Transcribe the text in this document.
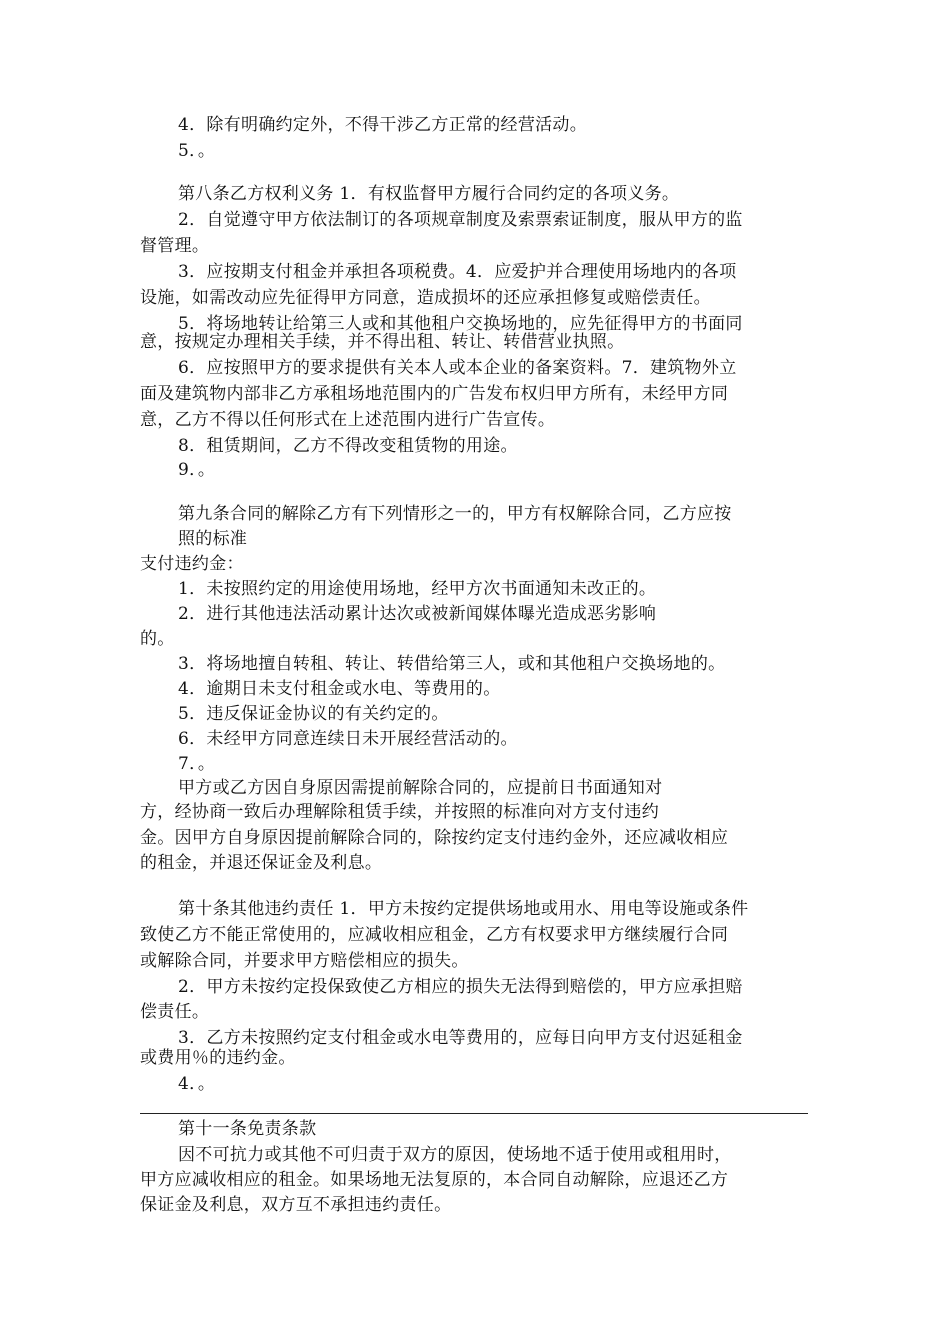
4．除有明确约定外，不得干涉乙方正常的经营活动。
5．。
第八条乙方权利义务 1．有权监督甲方履行合同约定的各项义务。
2．自觉遵守甲方依法制订的各项规章制度及索票索证制度，服从甲方的监
督管理。
3．应按期支付租金并承担各项税费。4．应爱护并合理使用场地内的各项
设施，如需改动应先征得甲方同意，造成损坏的还应承担修复或赔偿责任。
5．将场地转让给第三人或和其他租户交换场地的，应先征得甲方的书面同
意，按规定办理相关手续，并不得出租、转让、转借营业执照。
6．应按照甲方的要求提供有关本人或本企业的备案资料。7．建筑物外立
面及建筑物内部非乙方承租场地范围内的广告发布权归甲方所有，未经甲方同
意，乙方不得以任何形式在上述范围内进行广告宣传。
8．租赁期间，乙方不得改变租赁物的用途。
9．。
第九条合同的解除乙方有下列情形之一的，甲方有权解除合同，乙方应按
照的标准
支付违约金：
1．未按照约定的用途使用场地，经甲方次书面通知未改正的。
2．进行其他违法活动累计达次或被新闻媒体曝光造成恶劣影响
的。
3．将场地擅自转租、转让、转借给第三人，或和其他租户交换场地的。
4．逾期日未支付租金或水电、等费用的。
5．违反保证金协议的有关约定的。
6．未经甲方同意连续日未开展经营活动的。
7．。
甲方或乙方因自身原因需提前解除合同的，应提前日书面通知对
方，经协商一致后办理解除租赁手续，并按照的标准向对方支付违约
金。因甲方自身原因提前解除合同的，除按约定支付违约金外，还应减收相应
的租金，并退还保证金及利息。
第十条其他违约责任 1．甲方未按约定提供场地或用水、用电等设施或条件
致使乙方不能正常使用的，应减收相应租金，乙方有权要求甲方继续履行合同
或解除合同，并要求甲方赔偿相应的损失。
2．甲方未按约定投保致使乙方相应的损失无法得到赔偿的，甲方应承担赔
偿责任。
3．乙方未按照约定支付租金或水电等费用的，应每日向甲方支付迟延租金
或费用％的违约金。
4．。
第十一条免责条款
因不可抗力或其他不可归责于双方的原因，使场地不适于使用或租用时，
甲方应减收相应的租金。如果场地无法复原的，本合同自动解除，应退还乙方
保证金及利息，双方互不承担违约责任。
